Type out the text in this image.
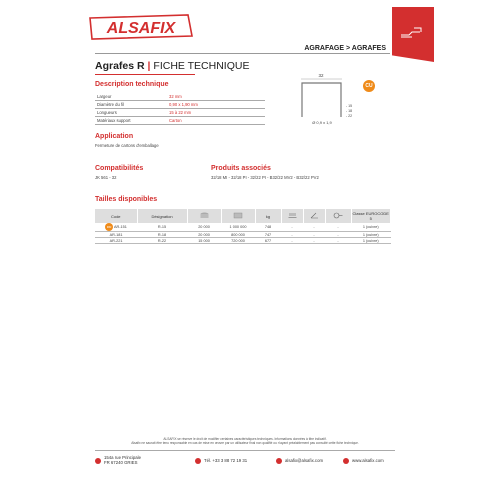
ALSAFIX
AGRAFAGE > AGRAFES
Agrafes R | FICHE TECHNIQUE
Description technique
Largeur	32 mm
Diamètre du fil	0,90 x 1,90 mm
Longueurs	15 à 22 mm
Matériaux support	Carton
32
- 15
- 18
- 22
Ø 0,9 x 1,9
CU
Application
Fermeture de cartons d'emballage
Compatibilités
JK 561 - 32
Produits associés
32/18 MI - 32/18 PI - 32/22 PI - B32/22 MV2 - B32/22 PV2
Tailles disponibles
Code	Désignation			kg				Classe EUROCODE 5
CU AR-151	R-15	20 000	1 000 000	748	-	-	-	1 (cuivre)
AR-181	R-18	20 000	800 000	747	-	-	-	1 (cuivre)
AR-221	R-22	15 000	720 000	677	-	-	-	1 (cuivre)
ALSAFIX se réserve le droit de modifier certaines caractéristiques techniques. Informations données à titre indicatif.
Alsafix ne saurait être tenu responsable en cas de mise en œuvre par un utilisateur final non qualifié ou n'ayant préalablement pas consulté cette fiche technique.
154a rue Principale
FR 67240 GRIES	Tél. +33 3 88 72 19 31	alsafix@alsafix.com	www.alsafix.com
